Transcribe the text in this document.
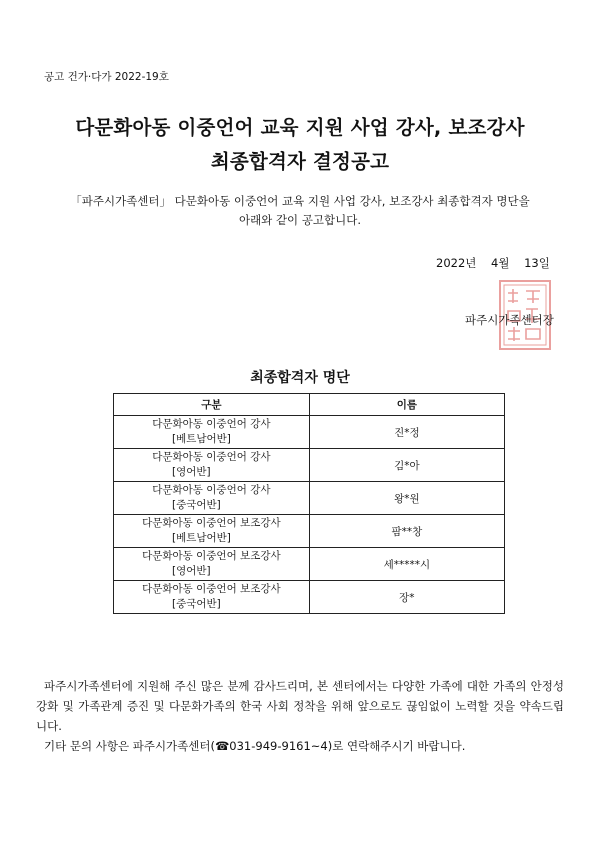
공고 건가·다가 2022-19호
다문화아동 이중언어 교육 지원 사업 강사, 보조강사
최종합격자 결정공고
「파주시가족센터」 다문화아동 이중언어 교육 지원 사업 강사, 보조강사 최종합격자 명단을
아래와 같이 공고합니다.
2022년 4월 13일
파주시가족센터장
최종합격자 명단
구분	이름

다문화아동 이중언어 강사
[베트남어반]	진*정

다문화아동 이중언어 강사
[영어반]	김*아

다문화아동 이중언어 강사
[중국어반]	왕*원

다문화아동 이중언어 보조강사
[베트남어반]	팜**창

다문화아동 이중언어 보조강사
[영어반]	세*****시

다문화아동 이중언어 보조강사
[중국어반]	장*

파주시가족센터에 지원해 주신 많은 분께 감사드리며, 본 센터에서는 다양한 가족에 대한 가족의 안정성 강화 및 가족관계 증진 및 다문화가족의 한국 사회 정착을 위해 앞으로도 끊임없이 노력할 것을 약속드립니다.

기타 문의 사항은 파주시가족센터(☎031-949-9161~4)로 연락해주시기 바랍니다.
